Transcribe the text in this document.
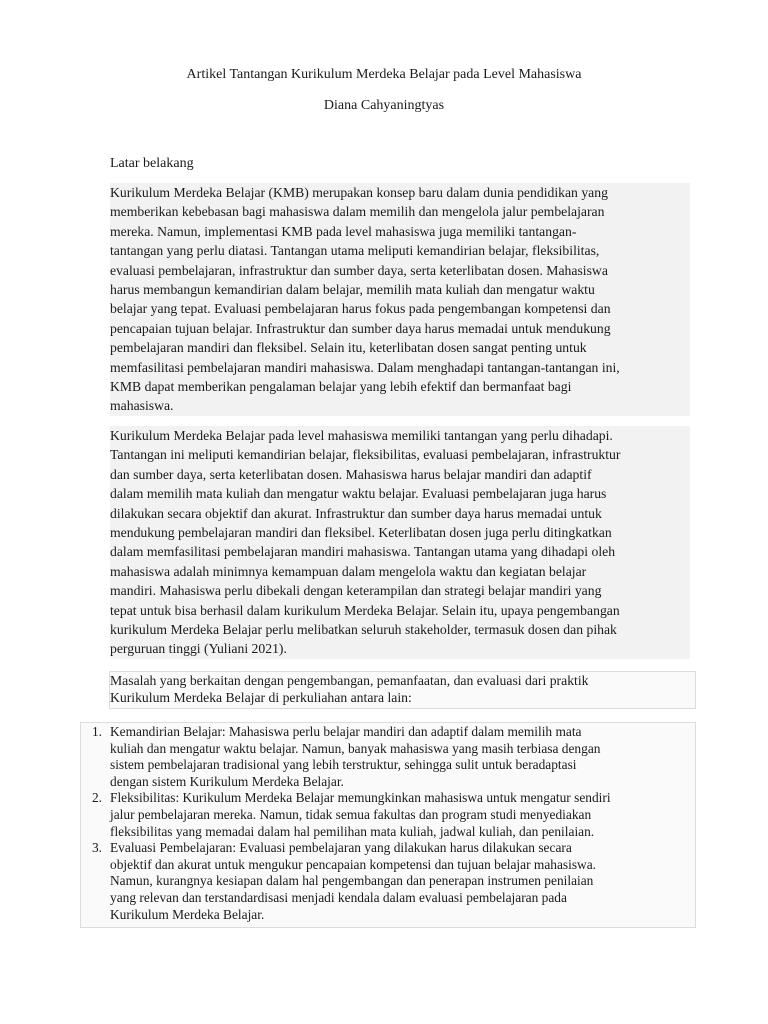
Artikel Tantangan Kurikulum Merdeka Belajar pada Level Mahasiswa
Diana Cahyaningtyas
Latar belakang
Kurikulum Merdeka Belajar (KMB) merupakan konsep baru dalam dunia pendidikan yang
memberikan kebebasan bagi mahasiswa dalam memilih dan mengelola jalur pembelajaran
mereka. Namun, implementasi KMB pada level mahasiswa juga memiliki tantangan-
tantangan yang perlu diatasi. Tantangan utama meliputi kemandirian belajar, fleksibilitas,
evaluasi pembelajaran, infrastruktur dan sumber daya, serta keterlibatan dosen. Mahasiswa
harus membangun kemandirian dalam belajar, memilih mata kuliah dan mengatur waktu
belajar yang tepat. Evaluasi pembelajaran harus fokus pada pengembangan kompetensi dan
pencapaian tujuan belajar. Infrastruktur dan sumber daya harus memadai untuk mendukung
pembelajaran mandiri dan fleksibel. Selain itu, keterlibatan dosen sangat penting untuk
memfasilitasi pembelajaran mandiri mahasiswa. Dalam menghadapi tantangan-tantangan ini,
KMB dapat memberikan pengalaman belajar yang lebih efektif dan bermanfaat bagi
mahasiswa.
Kurikulum Merdeka Belajar pada level mahasiswa memiliki tantangan yang perlu dihadapi.
Tantangan ini meliputi kemandirian belajar, fleksibilitas, evaluasi pembelajaran, infrastruktur
dan sumber daya, serta keterlibatan dosen. Mahasiswa harus belajar mandiri dan adaptif
dalam memilih mata kuliah dan mengatur waktu belajar. Evaluasi pembelajaran juga harus
dilakukan secara objektif dan akurat. Infrastruktur dan sumber daya harus memadai untuk
mendukung pembelajaran mandiri dan fleksibel. Keterlibatan dosen juga perlu ditingkatkan
dalam memfasilitasi pembelajaran mandiri mahasiswa. Tantangan utama yang dihadapi oleh
mahasiswa adalah minimnya kemampuan dalam mengelola waktu dan kegiatan belajar
mandiri. Mahasiswa perlu dibekali dengan keterampilan dan strategi belajar mandiri yang
tepat untuk bisa berhasil dalam kurikulum Merdeka Belajar. Selain itu, upaya pengembangan
kurikulum Merdeka Belajar perlu melibatkan seluruh stakeholder, termasuk dosen dan pihak
perguruan tinggi (Yuliani 2021).
Masalah yang berkaitan dengan pengembangan, pemanfaatan, dan evaluasi dari praktik
Kurikulum Merdeka Belajar di perkuliahan antara lain:
1. Kemandirian Belajar: Mahasiswa perlu belajar mandiri dan adaptif dalam memilih mata
kuliah dan mengatur waktu belajar. Namun, banyak mahasiswa yang masih terbiasa dengan
sistem pembelajaran tradisional yang lebih terstruktur, sehingga sulit untuk beradaptasi
dengan sistem Kurikulum Merdeka Belajar.
2. Fleksibilitas: Kurikulum Merdeka Belajar memungkinkan mahasiswa untuk mengatur sendiri
jalur pembelajaran mereka. Namun, tidak semua fakultas dan program studi menyediakan
fleksibilitas yang memadai dalam hal pemilihan mata kuliah, jadwal kuliah, dan penilaian.
3. Evaluasi Pembelajaran: Evaluasi pembelajaran yang dilakukan harus dilakukan secara
objektif dan akurat untuk mengukur pencapaian kompetensi dan tujuan belajar mahasiswa.
Namun, kurangnya kesiapan dalam hal pengembangan dan penerapan instrumen penilaian
yang relevan dan terstandardisasi menjadi kendala dalam evaluasi pembelajaran pada
Kurikulum Merdeka Belajar.
